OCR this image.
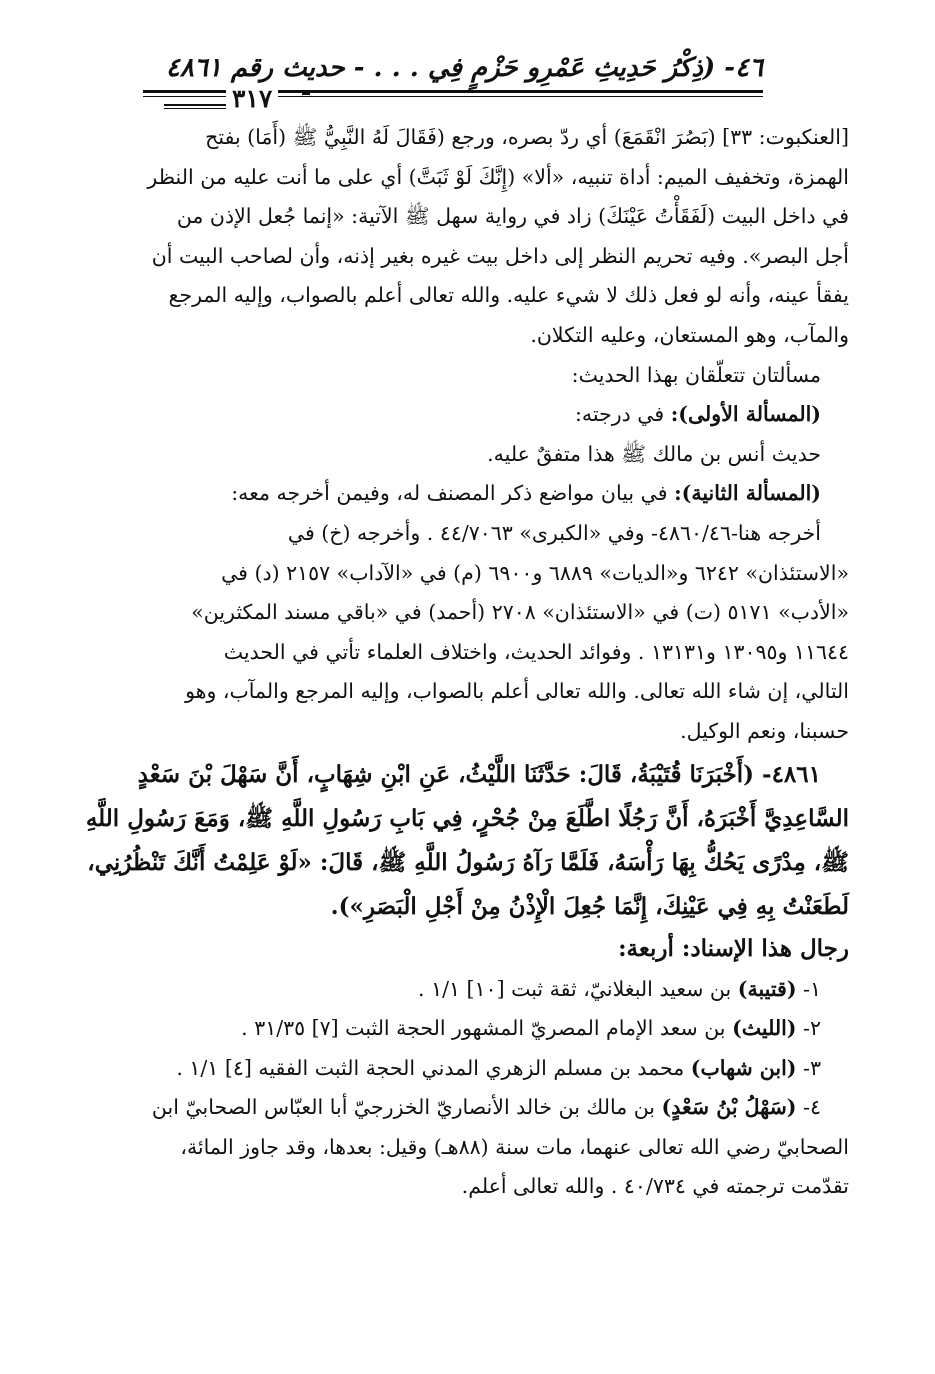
٤٦- (ذِكْرُ حَدِيثِ عَمْرِو حَزْمٍ فِي . . . - حديث رقم ٤٨٦١
٣١٧

[العنكبوت: ٣٣] (بَصُرَ انْقَمَعَ) أي ردّ بصره، ورجع (فَقَالَ لَهُ النَّبِيُّ ﷺ (أَمَا) بفتح

الهمزة، وتخفيف الميم: أداة تنبيه، «ألا» (إِنَّكَ لَوْ ثَبَتَّ) أي على ما أنت عليه من النظر

في داخل البيت (لَفَقَأْتُ عَيْنَكَ) زاد في رواية سهل ﷺ الآتية: «إنما جُعل الإذن من

أجل البصر». وفيه تحريم النظر إلى داخل بيت غيره بغير إذنه، وأن لصاحب البيت أن

يفقأ عينه، وأنه لو فعل ذلك لا شيء عليه. والله تعالى أعلم بالصواب، وإليه المرجع

والمآب، وهو المستعان، وعليه التكلان.

مسألتان تتعلّقان بهذا الحديث:

(المسألة الأولى): في درجته:

حديث أنس بن مالك ﷺ هذا متفقٌ عليه.

(المسألة الثانية): في بيان مواضع ذكر المصنف له، وفيمن أخرجه معه:

أخرجه هنا-٤٨٦٠/٤٦- وفي «الكبرى» ٤٤/٧٠٦٣ . وأخرجه (خ) في

«الاستئذان» ٦٢٤٢ و«الديات» ٦٨٨٩ و٦٩٠٠ (م) في «الآداب» ٢١٥٧ (د) في

«الأدب» ٥١٧١ (ت) في «الاستئذان» ٢٧٠٨ (أحمد) في «باقي مسند المكثرين»

١١٦٤٤ و١٣٠٩٥ و١٣١٣١ . وفوائد الحديث، واختلاف العلماء تأتي في الحديث

التالي، إن شاء الله تعالى. والله تعالى أعلم بالصواب، وإليه المرجع والمآب، وهو

حسبنا، ونعم الوكيل.

٤٨٦١- (أَخْبَرَنَا قُتَيْبَةُ، قَالَ: حَدَّثَنَا اللَّيْثُ، عَنِ ابْنِ شِهَابٍ، أَنَّ سَهْلَ بْنَ سَعْدٍ

السَّاعِدِيَّ أَخْبَرَهُ، أَنَّ رَجُلًا اطَّلَعَ مِنْ جُحْرٍ، فِي بَابِ رَسُولِ اللَّهِ ﷺ، وَمَعَ رَسُولِ اللَّهِ

ﷺ، مِدْرًى يَحُكُّ بِهَا رَأْسَهُ، فَلَمَّا رَآهُ رَسُولُ اللَّهِ ﷺ، قَالَ: «لَوْ عَلِمْتُ أَنَّكَ تَنْظُرُنِي،

لَطَعَنْتُ بِهِ فِي عَيْنِكَ، إِنَّمَا جُعِلَ الْإِذْنُ مِنْ أَجْلِ الْبَصَرِ»).

رجال هذا الإسناد: أربعة:

١- (قتيبة) بن سعيد البغلانيّ، ثقة ثبت [١٠] ١/١ .

٢- (الليث) بن سعد الإمام المصريّ المشهور الحجة الثبت [٧] ٣١/٣٥ .

٣- (ابن شهاب) محمد بن مسلم الزهري المدني الحجة الثبت الفقيه [٤] ١/١ .

٤- (سَهْلُ بْنُ سَعْدٍ) بن مالك بن خالد الأنصاريّ الخزرجيّ أبا العبّاس الصحابيّ ابن

الصحابيّ رضي الله تعالى عنهما، مات سنة (٨٨هـ) وقيل: بعدها، وقد جاوز المائة،

تقدّمت ترجمته في ٤٠/٧٣٤ . والله تعالى أعلم.
